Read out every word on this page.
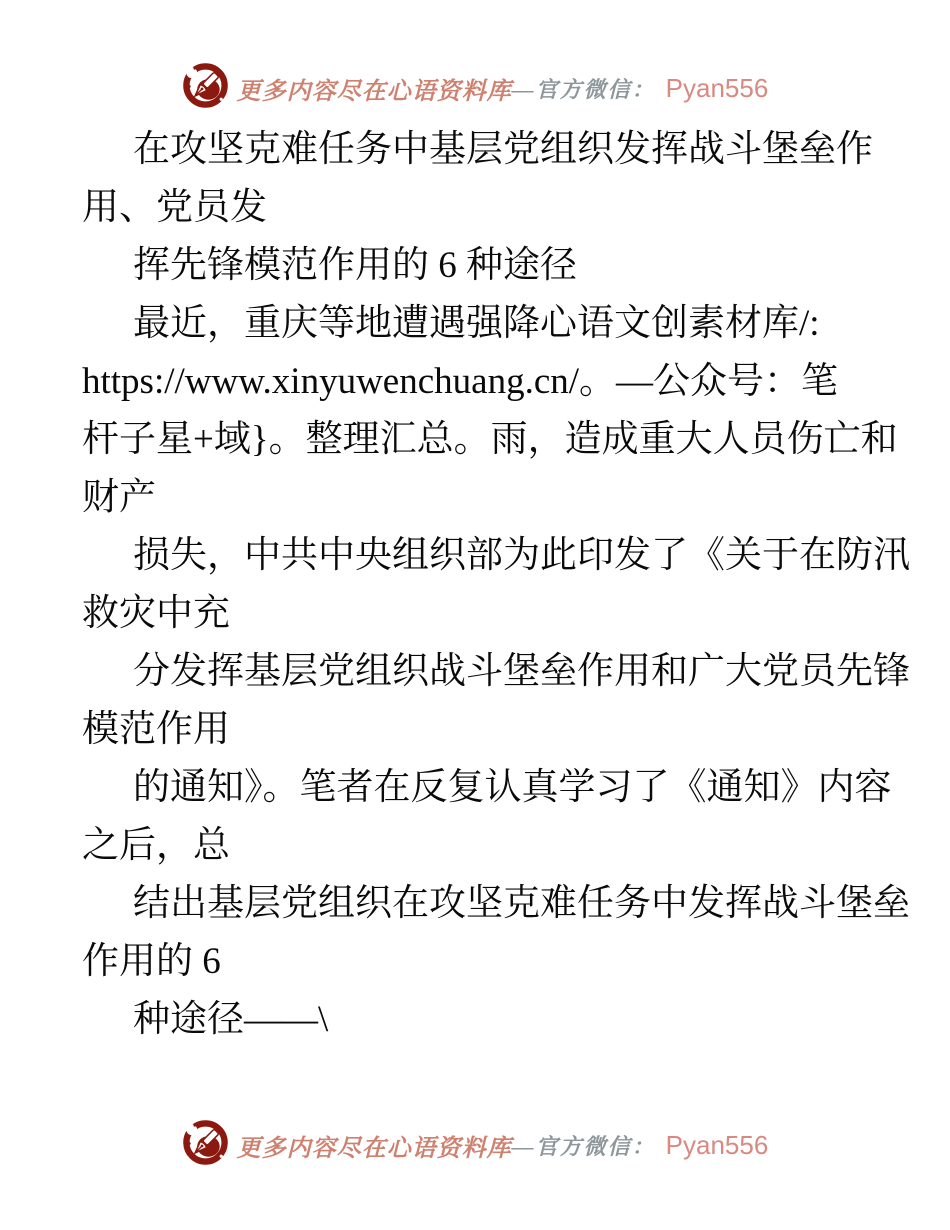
更多内容尽在心语资料库 —官方微信： Pyan556
在攻坚克难任务中基层党组织发挥战斗堡垒作
用、党员发
挥先锋模范作用的 6 种途径
最近，重庆等地遭遇强降心语文创素材库/:
https://www.xinyuwenchuang.cn/。—公众号：笔
杆子星+域}。整理汇总。雨，造成重大人员伤亡和
财产
损失，中共中央组织部为此印发了《关于在防汛
救灾中充
分发挥基层党组织战斗堡垒作用和广大党员先锋
模范作用
的通知》。笔者在反复认真学习了《通知》内容
之后，总
结出基层党组织在攻坚克难任务中发挥战斗堡垒
作用的 6
种途径——\
更多内容尽在心语资料库 —官方微信： Pyan556
